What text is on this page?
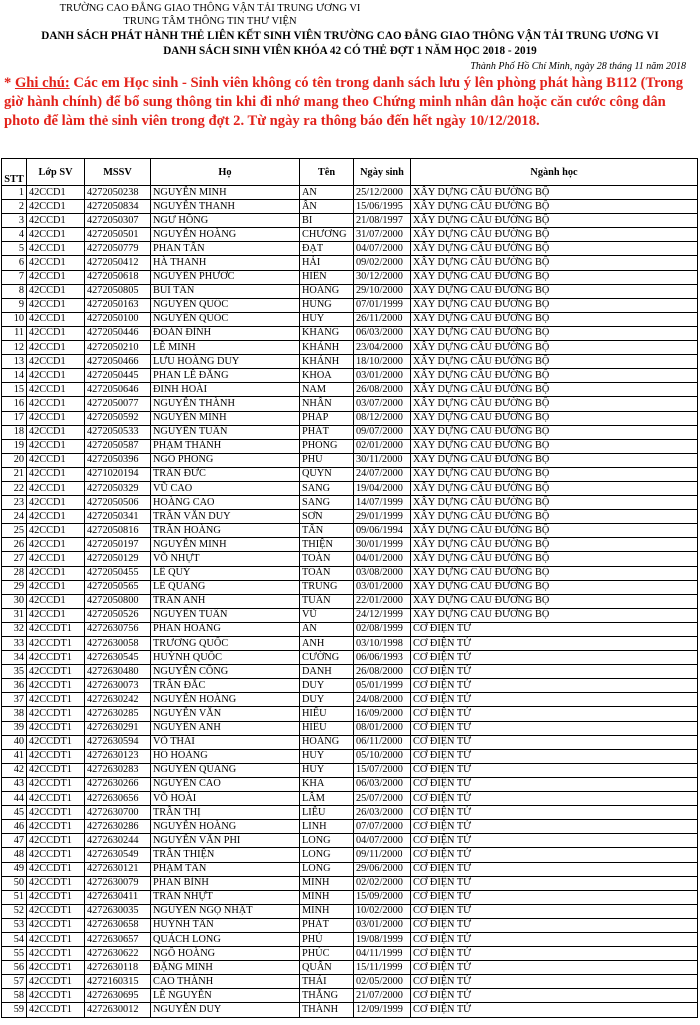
TRƯỜNG CAO ĐẲNG GIAO THÔNG VẬN TẢI TRUNG ƯƠNG VI
TRUNG TÂM THÔNG TIN THƯ VIỆN
DANH SÁCH PHÁT HÀNH THẺ LIÊN KẾT SINH VIÊN TRƯỜNG CAO ĐẲNG GIAO THÔNG VẬN TẢI TRUNG ƯƠNG VI
DANH SÁCH SINH VIÊN KHÓA 42 CÓ THẺ ĐỢT 1 NĂM HỌC 2018 - 2019
Thành Phố Hồ Chí Minh, ngày 28 tháng 11 năm 2018
* Ghi chú: Các em Học sinh - Sinh viên không có tên trong danh sách lưu ý lên phòng phát hàng B112 (Trong giờ hành chính) để bổ sung thông tin khi đi nhớ mang theo Chứng minh nhân dân hoặc căn cước công dân photo để làm thẻ sinh viên trong đợt 2. Từ ngày ra thông báo đến hết ngày 10/12/2018.
STT	Lớp SV	MSSV	Họ	Tên	Ngày sinh	Ngành học
1	42CCD1	4272050238	NGUYỄN MINH	AN	25/12/2000	XÂY DỰNG CẦU ĐƯỜNG BỘ
2	42CCD1	4272050834	NGUYỄN THANH	ÂN	15/06/1995	XÂY DỰNG CẦU ĐƯỜNG BỘ
3	42CCD1	4272050307	NGƯ HỒNG	BI	21/08/1997	XÂY DỰNG CẦU ĐƯỜNG BỘ
4	42CCD1	4272050501	NGUYỄN HOÀNG	CHƯƠNG	31/07/2000	XÂY DỰNG CẦU ĐƯỜNG BỘ
5	42CCD1	4272050779	PHAN TẤN	ĐẠT	04/07/2000	XÂY DỰNG CẦU ĐƯỜNG BỘ
6	42CCD1	4272050412	HÀ THANH	HẢI	09/02/2000	XÂY DỰNG CẦU ĐƯỜNG BỘ
7	42CCD1	4272050618	NGUYỄN PHƯỚC	HIỀN	30/12/2000	XÂY DỰNG CẦU ĐƯỜNG BỘ
8	42CCD1	4272050805	BÙI TẤN	HOÀNG	29/10/2000	XÂY DỰNG CẦU ĐƯỜNG BỘ
9	42CCD1	4272050163	NGUYỄN QUỐC	HÙNG	07/01/1999	XÂY DỰNG CẦU ĐƯỜNG BỘ
10	42CCD1	4272050100	NGUYỄN QUỐC	HUY	26/11/2000	XÂY DỰNG CẦU ĐƯỜNG BỘ
11	42CCD1	4272050446	ĐOÀN ĐÌNH	KHANG	06/03/2000	XÂY DỰNG CẦU ĐƯỜNG BỘ
12	42CCD1	4272050210	LÊ MINH	KHÁNH	23/04/2000	XÂY DỰNG CẦU ĐƯỜNG BỘ
13	42CCD1	4272050466	LƯU HOÀNG DUY	KHÁNH	18/10/2000	XÂY DỰNG CẦU ĐƯỜNG BỘ
14	42CCD1	4272050445	PHAN LÊ ĐĂNG	KHOA	03/01/2000	XÂY DỰNG CẦU ĐƯỜNG BỘ
15	42CCD1	4272050646	ĐINH HOÀI	NAM	26/08/2000	XÂY DỰNG CẦU ĐƯỜNG BỘ
16	42CCD1	4272050077	NGUYỄN THÀNH	NHÂN	03/07/2000	XÂY DỰNG CẦU ĐƯỜNG BỘ
17	42CCD1	4272050592	NGUYỄN MINH	PHÁP	08/12/2000	XÂY DỰNG CẦU ĐƯỜNG BỘ
18	42CCD1	4272050533	NGUYỄN TUẤN	PHÁT	09/07/2000	XÂY DỰNG CẦU ĐƯỜNG BỘ
19	42CCD1	4272050587	PHẠM THÀNH	PHONG	02/01/2000	XÂY DỰNG CẦU ĐƯỜNG BỘ
20	42CCD1	4272050396	NGÔ PHONG	PHÚ	30/11/2000	XÂY DỰNG CẦU ĐƯỜNG BỘ
21	42CCD1	4271020194	TRẦN ĐỨC	QUYN	24/07/2000	XÂY DỰNG CẦU ĐƯỜNG BỘ
22	42CCD1	4272050329	VŨ CAO	SANG	19/04/2000	XÂY DỰNG CẦU ĐƯỜNG BỘ
23	42CCD1	4272050506	HOÀNG CAO	SANG	14/07/1999	XÂY DỰNG CẦU ĐƯỜNG BỘ
24	42CCD1	4272050341	TRẦN VĂN DUY	SƠN	29/01/1999	XÂY DỰNG CẦU ĐƯỜNG BỘ
25	42CCD1	4272050816	TRẦN HOÀNG	TẤN	09/06/1994	XÂY DỰNG CẦU ĐƯỜNG BỘ
26	42CCD1	4272050197	NGUYỄN MINH	THIỆN	30/01/1999	XÂY DỰNG CẦU ĐƯỜNG BỘ
27	42CCD1	4272050129	VÕ NHỰT	TOÀN	04/01/2000	XÂY DỰNG CẦU ĐƯỜNG BỘ
28	42CCD1	4272050455	LÊ QUÝ	TOÀN	03/08/2000	XÂY DỰNG CẦU ĐƯỜNG BỘ
29	42CCD1	4272050565	LÊ QUANG	TRUNG	03/01/2000	XÂY DỰNG CẦU ĐƯỜNG BỘ
30	42CCD1	4272050800	TRẦN ANH	TUẤN	22/01/2000	XÂY DỰNG CẦU ĐƯỜNG BỘ
31	42CCD1	4272050526	NGUYỄN TUẤN	VŨ	24/12/1999	XÂY DỰNG CẦU ĐƯỜNG BỘ
32	42CCDT1	4272630756	PHAN HOÀNG	AN	02/08/1999	CƠ ĐIỆN TỬ
33	42CCDT1	4272630058	TRƯƠNG QUỐC	ANH	03/10/1998	CƠ ĐIỆN TỬ
34	42CCDT1	4272630545	HUỲNH QUỐC	CƯỜNG	06/06/1993	CƠ ĐIỆN TỬ
35	42CCDT1	4272630480	NGUYỄN CÔNG	DANH	26/08/2000	CƠ ĐIỆN TỬ
36	42CCDT1	4272630073	TRẦN ĐẮC	DUY	05/01/1999	CƠ ĐIỆN TỬ
37	42CCDT1	4272630242	NGUYỄN HOÀNG	DUY	24/08/2000	CƠ ĐIỆN TỬ
38	42CCDT1	4272630285	NGUYỄN VĂN	HIẾU	16/09/2000	CƠ ĐIỆN TỬ
39	42CCDT1	4272630291	NGUYỄN ANH	HIẾU	08/01/2000	CƠ ĐIỆN TỬ
40	42CCDT1	4272630594	VÕ THÁI	HOÀNG	06/11/2000	CƠ ĐIỆN TỬ
41	42CCDT1	4272630123	HỒ HOÀNG	HUY	05/10/2000	CƠ ĐIỆN TỬ
42	42CCDT1	4272630283	NGUYỄN QUANG	HUY	15/07/2000	CƠ ĐIỆN TỬ
43	42CCDT1	4272630266	NGUYỄN CAO	KHA	06/03/2000	CƠ ĐIỆN TỬ
44	42CCDT1	4272630656	VÕ HOÀI	LÂM	25/07/2000	CƠ ĐIỆN TỬ
45	42CCDT1	4272630700	TRẦN THỊ	LIỄU	26/03/2000	CƠ ĐIỆN TỬ
46	42CCDT1	4272630286	NGUYỄN HOÀNG	LINH	07/07/2000	CƠ ĐIỆN TỬ
47	42CCDT1	4272630244	NGUYỄN VĂN PHI	LONG	04/07/2000	CƠ ĐIỆN TỬ
48	42CCDT1	4272630549	TRẦN THIỆN	LONG	09/11/2000	CƠ ĐIỆN TỬ
49	42CCDT1	4272630121	PHẠM TẤN	LONG	29/06/2000	CƠ ĐIỆN TỬ
50	42CCDT1	4272630079	PHAN BÌNH	MINH	02/02/2000	CƠ ĐIỆN TỬ
51	42CCDT1	4272630411	TRẦN NHỰT	MINH	15/09/2000	CƠ ĐIỆN TỬ
52	42CCDT1	4272630035	NGUYỄN NGỌ NHẬT	MINH	10/02/2000	CƠ ĐIỆN TỬ
53	42CCDT1	4272630658	HUỲNH TẤN	PHÁT	03/01/2000	CƠ ĐIỆN TỬ
54	42CCDT1	4272630657	QUÁCH LONG	PHÚ	19/08/1999	CƠ ĐIỆN TỬ
55	42CCDT1	4272630622	NGÔ HOÀNG	PHÚC	04/11/1999	CƠ ĐIỆN TỬ
56	42CCDT1	4272630118	ĐẶNG MINH	QUÂN	15/11/1999	CƠ ĐIỆN TỬ
57	42CCDT1	4272160315	CAO THÀNH	THÁI	02/05/2000	CƠ ĐIỆN TỬ
58	42CCDT1	4272630695	LÊ NGUYỄN	THẮNG	21/07/2000	CƠ ĐIỆN TỬ
59	42CCDT1	4272630012	NGUYỄN DUY	THÀNH	12/09/1999	CƠ ĐIỆN TỬ
